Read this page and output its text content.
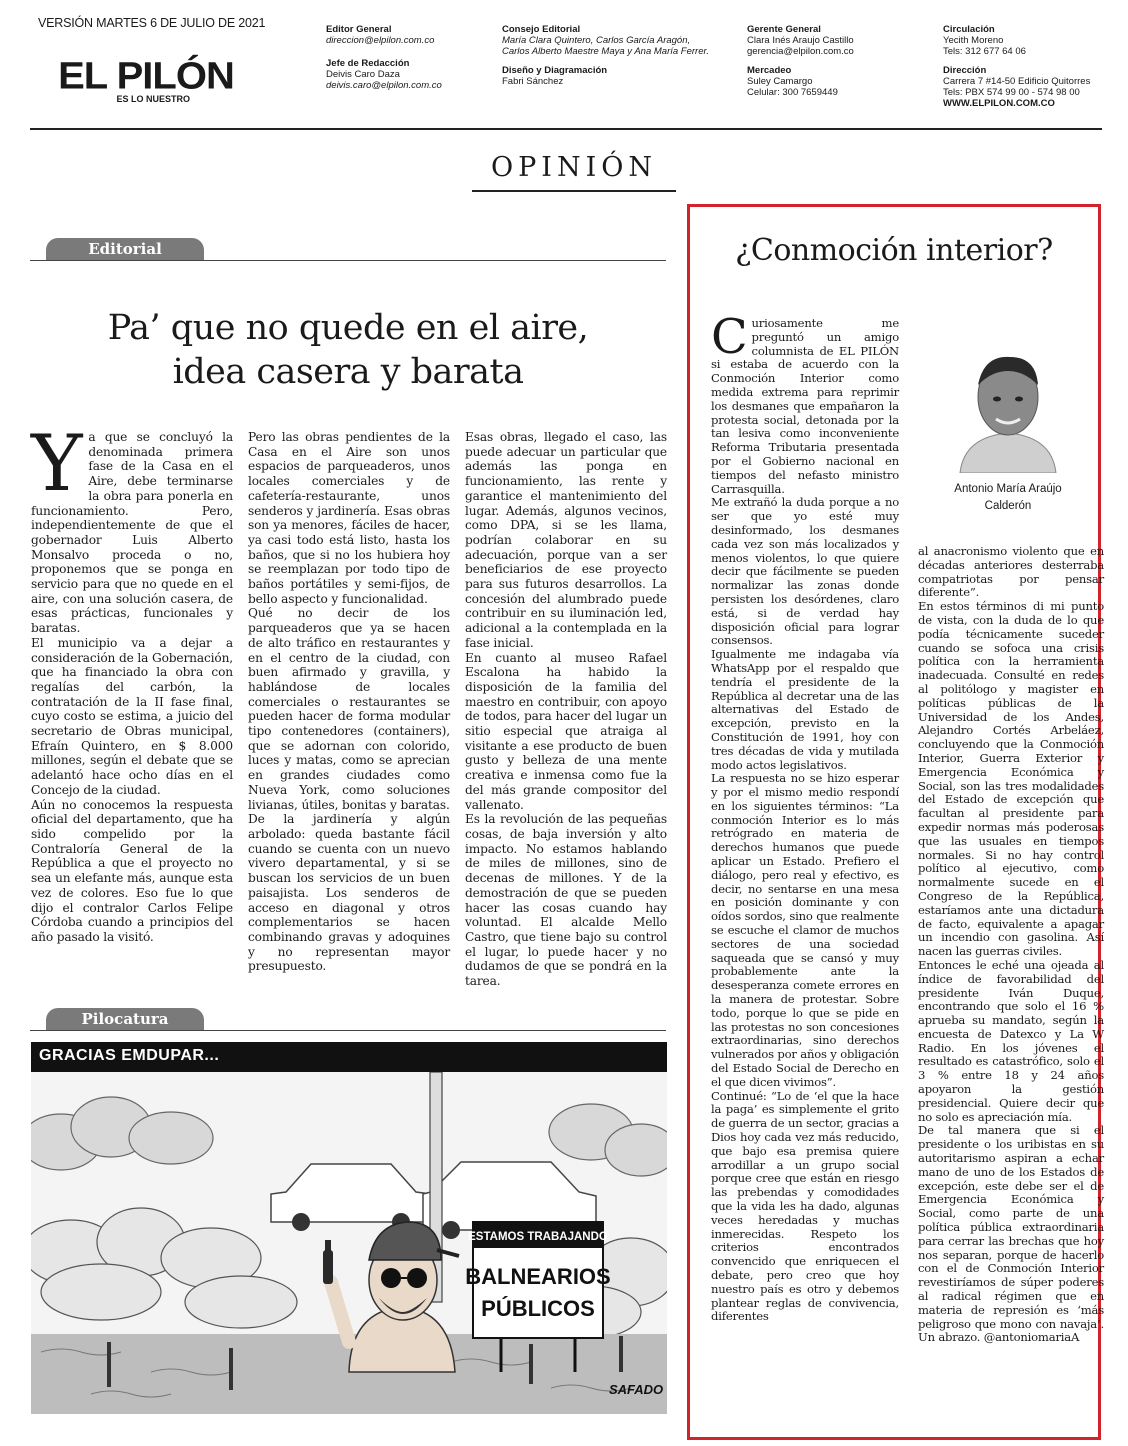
VERSIÓN MARTES 6 DE JULIO DE 2021
EL PILÓN
ES LO NUESTRO
Editor General
direccion@elpilon.com.co
Jefe de Redacción
Deivis Caro Daza
deivis.caro@elpilon.com.co
Consejo Editorial
María Clara Quintero, Carlos García Aragón, Carlos Alberto Maestre Maya y Ana María Ferrer.
Diseño y Diagramación
Fabri Sánchez
Gerente General
Clara Inés Araujo Castillo
gerencia@elpilon.com.co
Mercadeo
Suley Camargo
Celular: 300 7659449
Circulación
Yecith Moreno
Tels: 312 677 64 06
Dirección
Carrera 7 #14-50 Edificio Quitorres
Tels: PBX 574 99 00 - 574 98 00
WWW.ELPILON.COM.CO
OPINIÓN
Editorial
Pa’ que no quede en el aire,
idea casera y barata

Ya que se concluyó la denominada primera fase de la Casa en el Aire, debe terminarse la obra para ponerla en funcionamiento. Pero, independientemente de que el gobernador Luis Alberto Monsalvo proceda o no, proponemos que se ponga en servicio para que no quede en el aire, con una solución casera, de esas prácticas, funcionales y baratas.

El municipio va a dejar a consideración de la Gobernación, que ha financiado la obra con regalías del carbón, la contratación de la II fase final, cuyo costo se estima, a juicio del secretario de Obras municipal, Efraín Quintero, en $ 8.000 millones, según el debate que se adelantó hace ocho días en el Concejo de la ciudad.

Aún no conocemos la respuesta oficial del departamento, que ha sido compelido por la Contraloría General de la República a que el proyecto no sea un elefante más, aunque esta vez de colores. Eso fue lo que dijo el contralor Carlos Felipe Córdoba cuando a principios del año pasado la visitó.

Pero las obras pendientes de la Casa en el Aire son unos espacios de parqueaderos, unos locales comerciales y de cafetería-restaurante, unos senderos y jardinería. Esas obras son ya menores, fáciles de hacer, ya casi todo está listo, hasta los baños, que si no los hubiera hoy se reemplazan por todo tipo de baños portátiles y semi-fijos, de bello aspecto y funcionalidad.

Qué no decir de los parqueaderos que ya se hacen de alto tráfico en restaurantes y en el centro de la ciudad, con buen afirmado y gravilla, y hablándose de locales comerciales o restaurantes se pueden hacer de forma modular tipo contenedores (containers), que se adornan con colorido, luces y matas, como se aprecian en grandes ciudades como Nueva York, como soluciones livianas, útiles, bonitas y baratas.

De la jardinería y algún arbolado: queda bastante fácil cuando se cuenta con un nuevo vivero departamental, y si se buscan los servicios de un buen paisajista. Los senderos de acceso en diagonal y otros complementarios se hacen combinando gravas y adoquines y no representan mayor presupuesto.

Esas obras, llegado el caso, las puede adecuar un particular que además las ponga en funcionamiento, las rente y garantice el mantenimiento del lugar. Además, algunos vecinos, como DPA, si se les llama, podrían colaborar en su adecuación, porque van a ser beneficiarios de ese proyecto para sus futuros desarrollos. La concesión del alumbrado puede contribuir en su iluminación led, adicional a la contemplada en la fase inicial.

En cuanto al museo Rafael Escalona ha habido la disposición de la familia del maestro en contribuir, con apoyo de todos, para hacer del lugar un sitio especial que atraiga al visitante a ese producto de buen gusto y belleza de una mente creativa e inmensa como fue la del más grande compositor del vallenato.

Es la revolución de las pequeñas cosas, de baja inversión y alto impacto. No estamos hablando de miles de millones, sino de decenas de millones. Y de la demostración de que se pueden hacer las cosas cuando hay voluntad. El alcalde Mello Castro, que tiene bajo su control el lugar, lo puede hacer y no dudamos de que se pondrá en la tarea.

Pilocatura
GRACIAS EMDUPAR...
ESTAMOS TRABAJANDO
BALNEARIOS
PÚBLICOS
SAFADO
¿Conmoción interior?
Antonio María Araújo
Calderón

Curiosamente me preguntó un amigo columnista de EL PILÓN si estaba de acuerdo con la Conmoción Interior como medida extrema para reprimir los desmanes que empañaron la protesta social, detonada por la tan lesiva como inconveniente Reforma Tributaria presentada por el Gobierno nacional en tiempos del nefasto ministro Carrasquilla.

Me extrañó la duda porque a no ser que yo esté muy desinformado, los desmanes cada vez son más localizados y menos violentos, lo que quiere decir que fácilmente se pueden normalizar las zonas donde persisten los desórdenes, claro está, si de verdad hay disposición oficial para lograr consensos.

Igualmente me indagaba vía WhatsApp por el respaldo que tendría el presidente de la República al decretar una de las alternativas del Estado de excepción, previsto en la Constitución de 1991, hoy con tres décadas de vida y mutilada modo actos legislativos.

La respuesta no se hizo esperar y por el mismo medio respondí en los siguientes términos: “La conmoción Interior es lo más retrógrado en materia de derechos humanos que puede aplicar un Estado. Prefiero el diálogo, pero real y efectivo, es decir, no sentarse en una mesa en posición dominante y con oídos sordos, sino que realmente se escuche el clamor de muchos sectores de una sociedad saqueada que se cansó y muy probablemente ante la desesperanza comete errores en la manera de protestar. Sobre todo, porque lo que se pide en las protestas no son concesiones extraordinarias, sino derechos vulnerados por años y obligación del Estado Social de Derecho en el que dicen vivimos”.

Continué: “Lo de ‘el que la hace la paga’ es simplemente el grito de guerra de un sector, gracias a Dios hoy cada vez más reducido, que bajo esa premisa quiere arrodillar a un grupo social porque cree que están en riesgo las prebendas y comodidades que la vida les ha dado, algunas veces heredadas y muchas inmerecidas. Respeto los criterios encontrados convencido que enriquecen el debate, pero creo que hoy nuestro país es otro y debemos plantear reglas de convivencia, diferentes

al anacronismo violento que en décadas anteriores desterraba compatriotas por pensar diferente”.

En estos términos di mi punto de vista, con la duda de lo que podía técnicamente suceder cuando se sofoca una crisis política con la herramienta inadecuada. Consulté en redes al politólogo y magister en políticas públicas de la Universidad de los Andes, Alejandro Cortés Arbeláez, concluyendo que la Conmoción Interior, Guerra Exterior y Emergencia Económica y Social, son las tres modalidades del Estado de excepción que facultan al presidente para expedir normas más poderosas que las usuales en tiempos normales. Si no hay control político al ejecutivo, como normalmente sucede en el Congreso de la República, estaríamos ante una dictadura de facto, equivalente a apagar un incendio con gasolina. Así nacen las guerras civiles.

Entonces le eché una ojeada al índice de favorabilidad del presidente Iván Duque, encontrando que solo el 16 % aprueba su mandato, según la encuesta de Datexco y La W Radio. En los jóvenes el resultado es catastrófico, solo el 3 % entre 18 y 24 años apoyaron la gestión presidencial. Quiere decir que no solo es apreciación mía.

De tal manera que si el presidente o los uribistas en su autoritarismo aspiran a echar mano de uno de los Estados de excepción, este debe ser el de Emergencia Económica y Social, como parte de una política pública extraordinaria para cerrar las brechas que hoy nos separan, porque de hacerlo con el de Conmoción Interior revestiríamos de súper poderes al radical régimen que en materia de represión es ‘más peligroso que mono con navaja’. Un abrazo. @antoniomariaA
